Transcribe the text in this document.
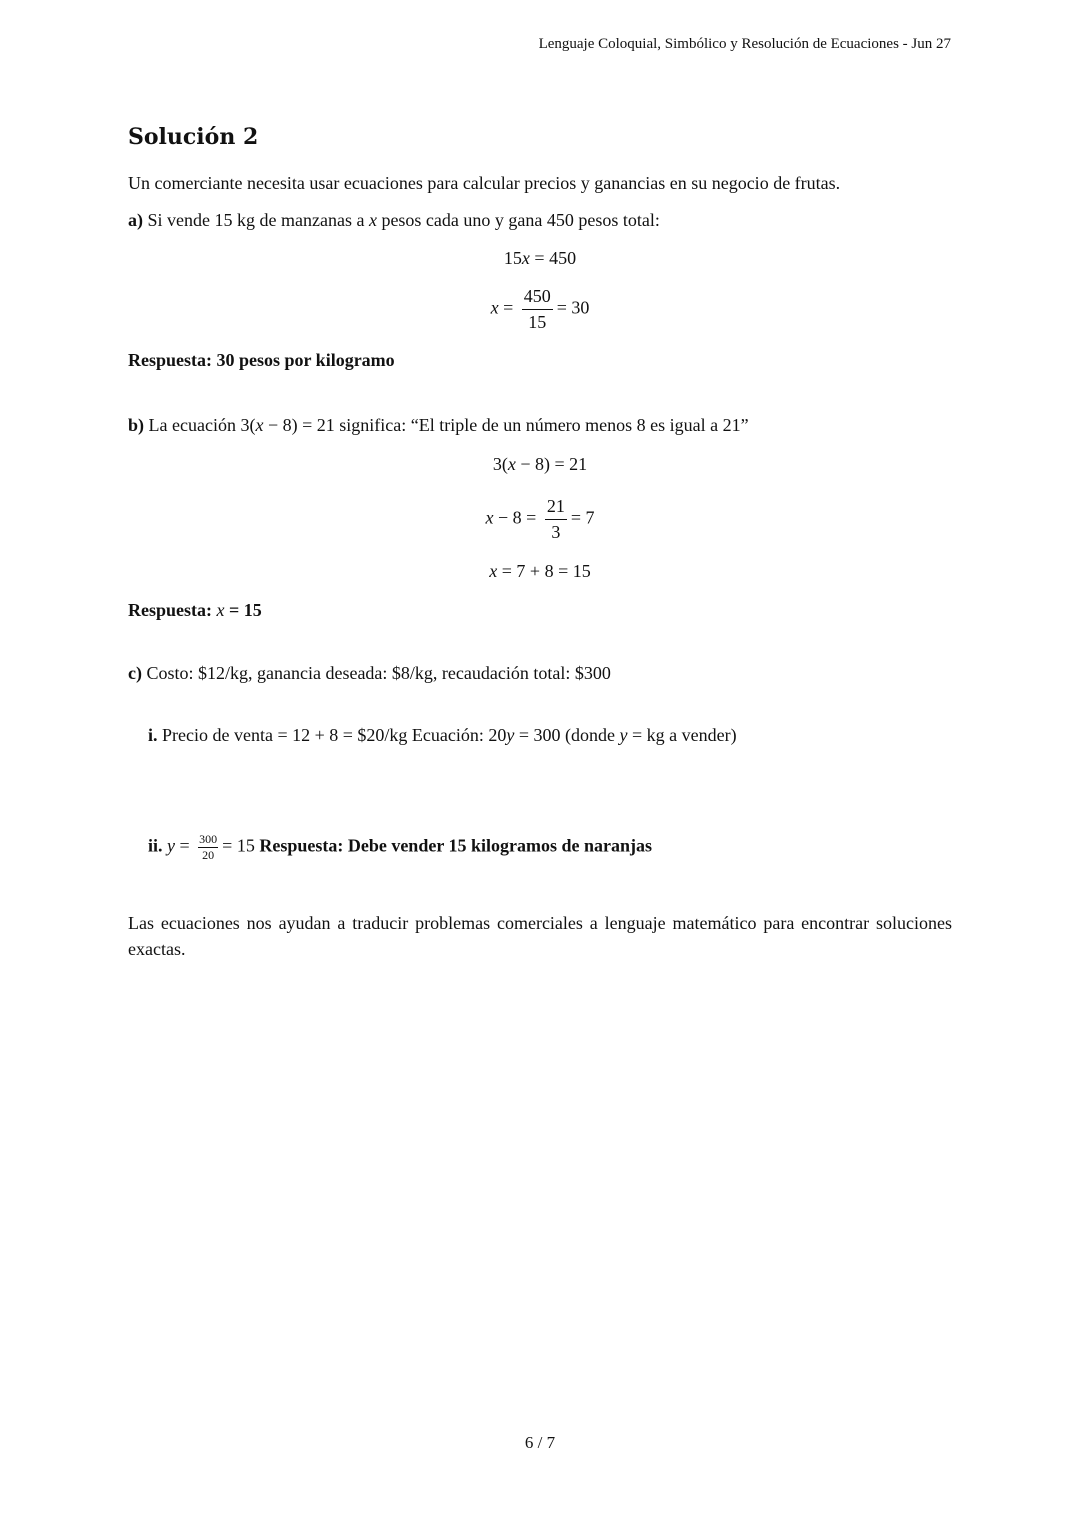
Lenguaje Coloquial, Simbólico y Resolución de Ecuaciones - Jun 27
Solución 2
Un comerciante necesita usar ecuaciones para calcular precios y ganancias en su negocio de frutas.
a) Si vende 15 kg de manzanas a x pesos cada uno y gana 450 pesos total:
15x = 450
$x = \frac{450}{15} = 30$
Respuesta: 30 pesos por kilogramo
b) La ecuación 3(x − 8) = 21 significa: “El triple de un número menos 8 es igual a 21”
3(x − 8) = 21
$x - 8 = \frac{21}{3} = 7$
x = 7 + 8 = 15
Respuesta: x = 15
c) Costo: $12/kg, ganancia deseada: $8/kg, recaudación total: $300
i. Precio de venta = 12 + 8 = $20/kg Ecuación: 20y = 300 (donde y = kg a vender)
ii. $y = \frac{300}{20} = 15$ Respuesta: Debe vender 15 kilogramos de naranjas
Las ecuaciones nos ayudan a traducir problemas comerciales a lenguaje matemático para encontrar soluciones exactas.
6 / 7
